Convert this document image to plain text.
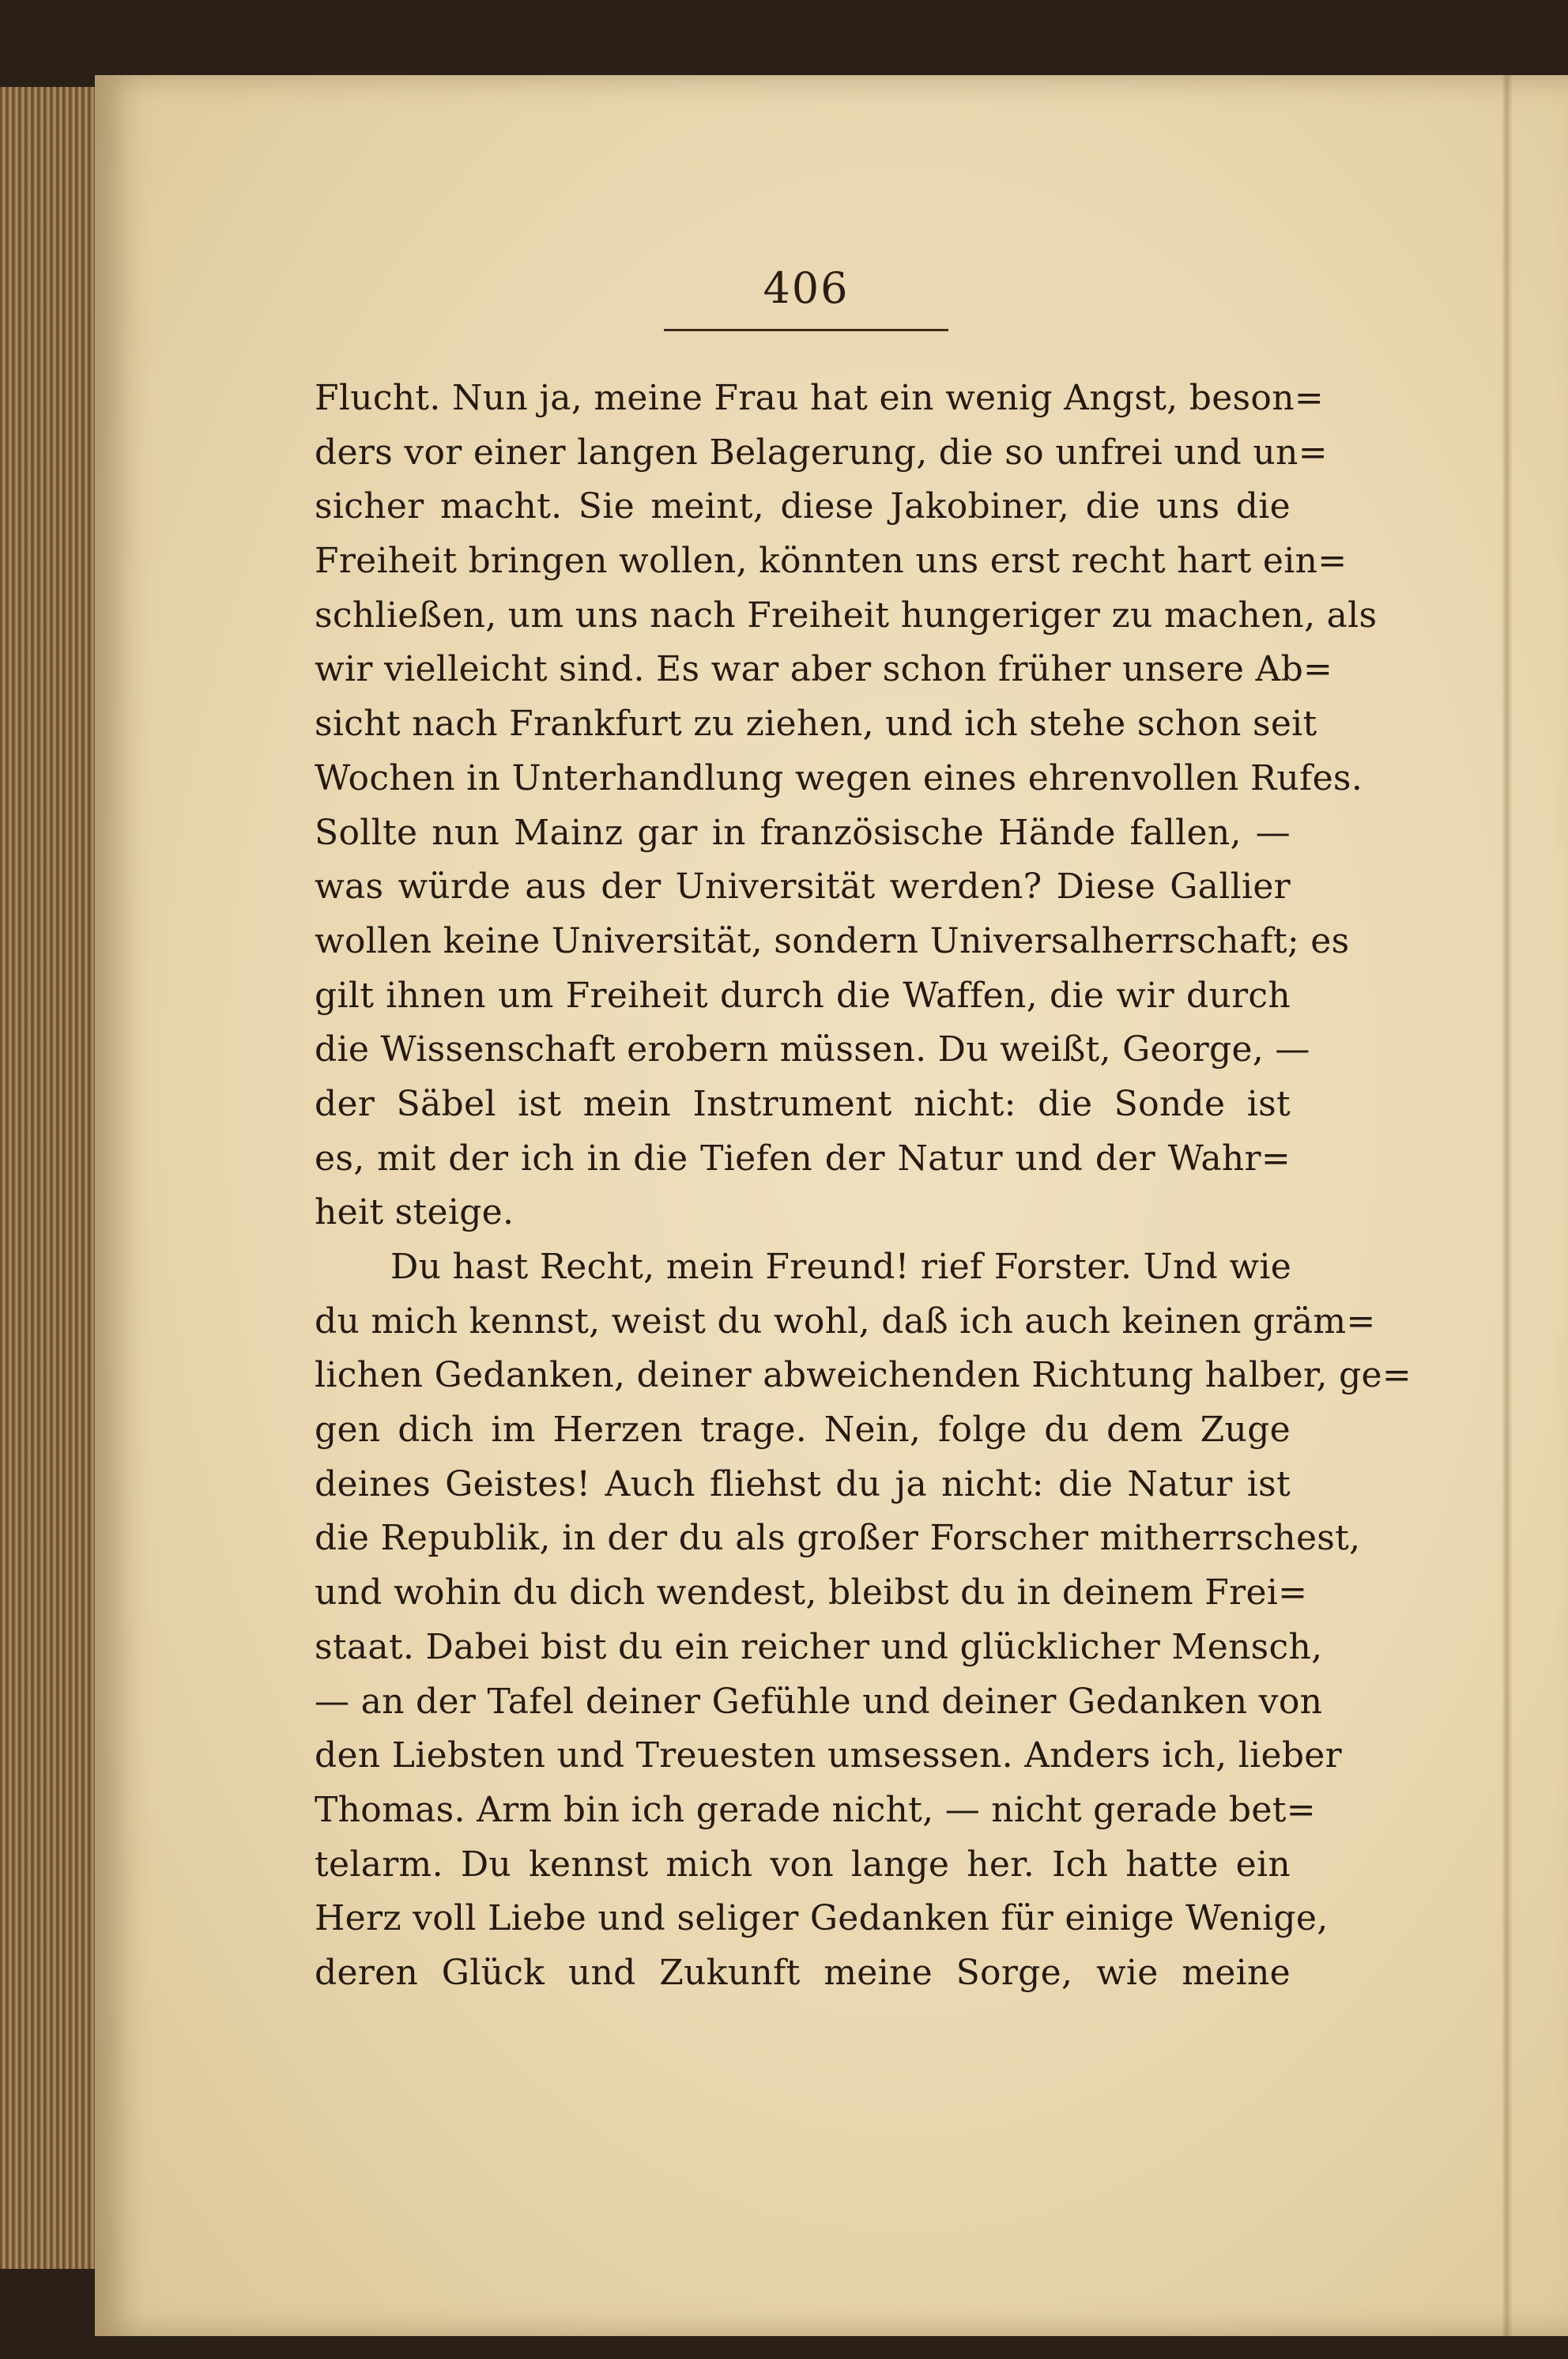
406
Flucht. Nun ja, meine Frau hat ein wenig Angst, beson=
ders vor einer langen Belagerung, die so unfrei und un=
sicher macht. Sie meint, diese Jakobiner, die uns die
Freiheit bringen wollen, könnten uns erst recht hart ein=
schließen, um uns nach Freiheit hungeriger zu machen, als
wir vielleicht sind. Es war aber schon früher unsere Ab=
sicht nach Frankfurt zu ziehen, und ich stehe schon seit
Wochen in Unterhandlung wegen eines ehrenvollen Rufes.
Sollte nun Mainz gar in französische Hände fallen, —
was würde aus der Universität werden? Diese Gallier
wollen keine Universität, sondern Universalherrschaft; es
gilt ihnen um Freiheit durch die Waffen, die wir durch
die Wissenschaft erobern müssen. Du weißt, George, —
der Säbel ist mein Instrument nicht: die Sonde ist
es, mit der ich in die Tiefen der Natur und der Wahr=
heit steige.
Du hast Recht, mein Freund! rief Forster. Und wie
du mich kennst, weist du wohl, daß ich auch keinen gräm=
lichen Gedanken, deiner abweichenden Richtung halber, ge=
gen dich im Herzen trage. Nein, folge du dem Zuge
deines Geistes! Auch fliehst du ja nicht: die Natur ist
die Republik, in der du als großer Forscher mitherrschest,
und wohin du dich wendest, bleibst du in deinem Frei=
staat. Dabei bist du ein reicher und glücklicher Mensch,
— an der Tafel deiner Gefühle und deiner Gedanken von
den Liebsten und Treuesten umsessen. Anders ich, lieber
Thomas. Arm bin ich gerade nicht, — nicht gerade bet=
telarm. Du kennst mich von lange her. Ich hatte ein
Herz voll Liebe und seliger Gedanken für einige Wenige,
deren Glück und Zukunft meine Sorge, wie meine
